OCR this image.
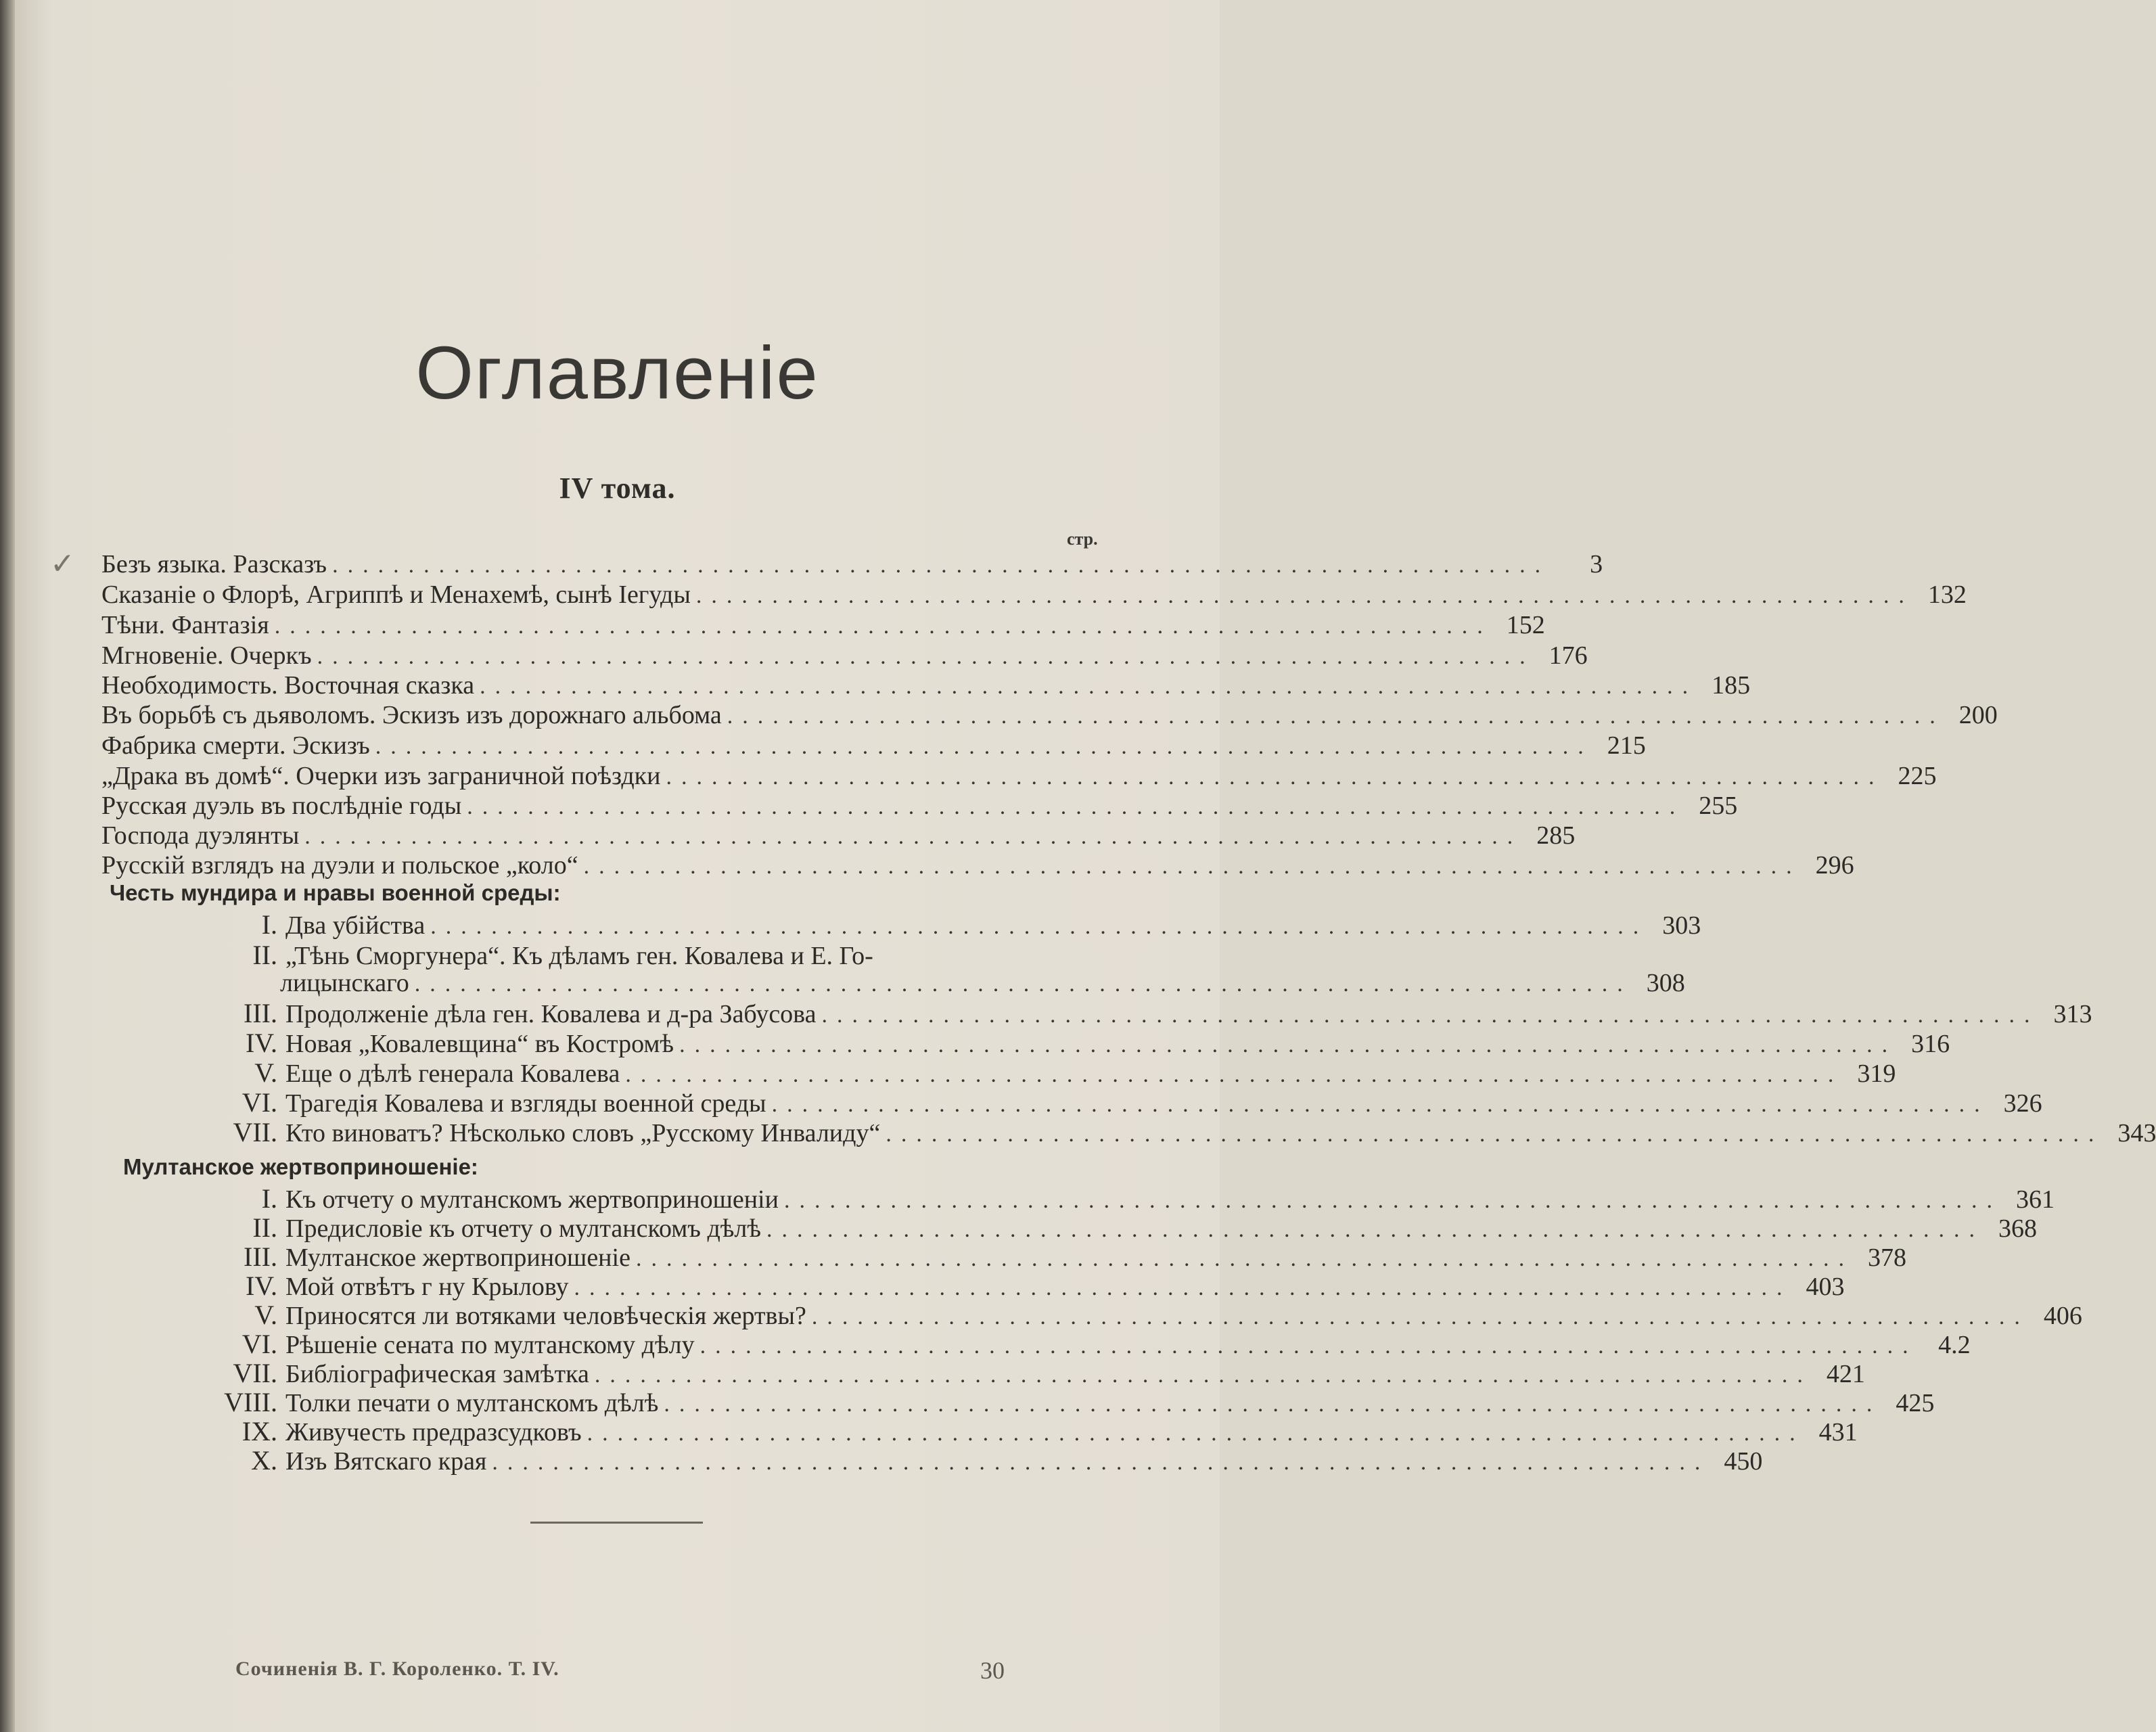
Оглавленіе
IV тома.
стр.
✓ Безъ языка. Разсказъ ................................................................................	3
Сказаніе о Флорѣ, Агриппѣ и Менахемѣ, сынѣ Іегуды ................................................................................ 132
Тѣни. Фантазія ................................................................................ 152
Мгновеніе. Очеркъ ................................................................................ 176
Необходимость. Восточная сказка ................................................................................ 185
Въ борьбѣ съ дьяволомъ. Эскизъ изъ дорожнаго альбома ................................................................................ 200
Фабрика смерти. Эскизъ ................................................................................ 215
„Драка въ домѣ“. Очерки изъ заграничной поѣздки ................................................................................ 225
Русская дуэль въ послѣдніе годы ................................................................................ 255
Господа дуэлянты ................................................................................ 285
Русскій взглядъ на дуэли и польское „коло“ ................................................................................ 296
Честь мундира и нравы военной среды:
I. Два убійства ................................................................................ 303
II. „Тѣнь Сморгунера“. Къ дѣламъ ген. Ковалева и Е. Го-
лицынскаго ................................................................................ 308
III. Продолженіе дѣла ген. Ковалева и д-ра Забусова ................................................................................ 313
IV. Новая „Ковалевщина“ въ Костромѣ ................................................................................ 316
V. Еще о дѣлѣ генерала Ковалева ................................................................................ 319
VI. Трагедія Ковалева и взгляды военной среды ................................................................................ 326
VII. Кто виноватъ? Нѣсколько словъ „Русскому Инвалиду“ ................................................................................ 343
Мултанское жертвоприношеніе:
I. Къ отчету о мултанскомъ жертвоприношеніи ................................................................................ 361
II. Предисловіе къ отчету о мултанскомъ дѣлѣ ................................................................................ 368
III. Мултанское жертвоприношеніе ................................................................................ 378
IV. Мой отвѣтъ г ну Крылову ................................................................................ 403
V. Приносятся ли вотяками человѣческія жертвы? ................................................................................ 406
VI. Рѣшеніе сената по мултанскому дѣлу ................................................................................ 4.2
VII. Библіографическая замѣтка ................................................................................ 421
VIII. Толки печати о мултанскомъ дѣлѣ ................................................................................ 425
IX. Живучесть предразсудковъ ................................................................................ 431
X. Изъ Вятскаго края ................................................................................ 450
Сочиненія В. Г. Короленко. Т. IV.	30
